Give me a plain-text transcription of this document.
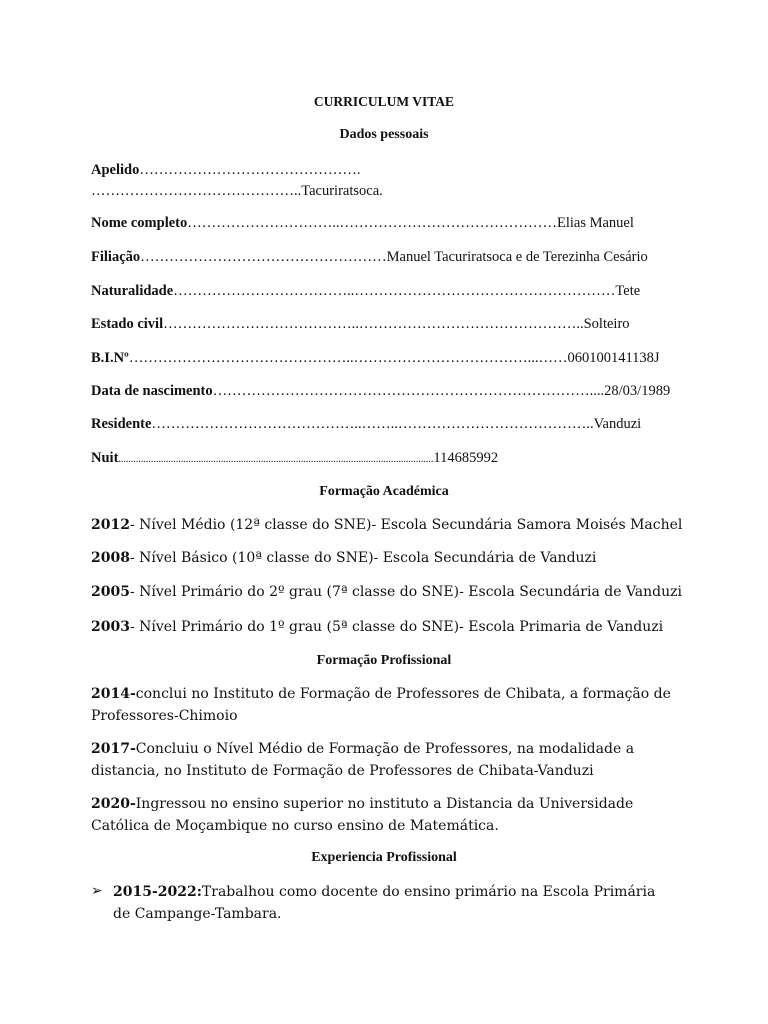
CURRICULUM VITAE
Dados pessoais
Apelido……………………………………….
……………………………………..Tacuriratsoca.
Nome completo…………………………..………………………………………Elias Manuel
Filiação……………………………………………Manuel Tacuriratsoca e de Terezinha Cesário
Naturalidade………………………………..………………………………………………Tete
Estado civil…………………………………..………………………………………..Solteiro
B.I.Nº………………………………………..………………………………...……060100141138J
Data de nascimento……………………………………………………………………....28/03/1989
Residente……………………………………..……..…………………………………..Vanduzi
Nuit..............................................................................................................................114685992
Formação Académica
2012- Nível Médio (12ª classe do SNE)- Escola Secundária Samora Moisés Machel
2008- Nível Básico (10ª classe do SNE)- Escola Secundária de Vanduzi
2005- Nível Primário do 2º grau (7ª classe do SNE)- Escola Secundária de Vanduzi
2003- Nível Primário do 1º grau (5ª classe do SNE)- Escola Primaria de Vanduzi
Formação Profissional
2014-conclui no Instituto de Formação de Professores de Chibata, a formação de Professores-Chimoio
2017-Concluiu o Nível Médio de Formação de Professores, na modalidade a distancia, no Instituto de Formação de Professores de Chibata-Vanduzi
2020-Ingressou no ensino superior no instituto a Distancia da Universidade Católica de Moçambique no curso ensino de Matemática.
Experiencia Profissional
➢ 2015-2022:Trabalhou como docente do ensino primário na Escola Primária de Campange-Tambara.
